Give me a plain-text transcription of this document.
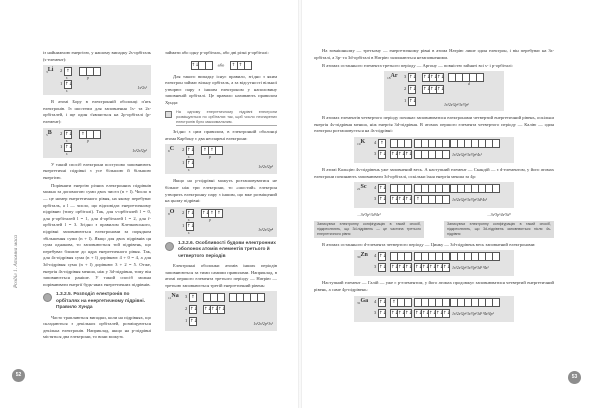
Розділ 1. Атомна маса
52

із найнижчою енергією, у нашому випадку 2s-орбіталь (s-елемент):

$_3$Li 2 ↑
s	p
1 ↑↓
s
1s²2s¹

В атомі Бору в електронній оболонці п'ять електронів. Із шостеми для заповнення 1s- та 2s-орбіталей, і ще один з'являється на 2p-орбіталі (p-елемент):

$_5$B 2 ↑↓ ↑
s	p
1 ↑↓
s
1s²2s²2p¹

У такий спосіб електрони поступово заповнюють енергетичні підрівні з усе більшою й більшою енергією.

Порівняти енергію різних електронних підрівнів можна за допомогою суми двох чисел (n + l). Число n — це номер енергетичного рівня, на якому перебуває орбіталь, а l — число, що відповідає енергетичному підрівню (типу орбіталі). Так, для s-орбіталей l = 0, для p-орбіталей l = 1, для d-орбіталей l = 2, для f-орбіталей l = 3. Згідно з правилом Клечковського, підрівні заповнюються електронами за порядком збільшення суми (n + l). Якщо для двох підрівнів ця сума однакова, то заповнюється той підрівень, що перебуває ближче до ядра енергетичного рівня. Так, для 4s-підрівня сума (n + l) дорівнює 4 + 0 = 4, а для 3d-підрівня сума (n + l) дорівнює 3 + 2 = 5. Отже, енергія 4s-підрівня менша, ніж у 3d-підрівня, тому він заповнюється раніше. У такий спосіб можна порівнювати енергії будь-яких енергетичних підрівнів.

1.3.2.5. Розподіл електронів по орбіталях на енергетичному підрівні. Правило Хунда

Часто трапляються випадки, коли на підрівнях, що складаються з декількох орбіталей, розміщуються декілька електронів. Наприклад, якщо на p-підрівні містяться два електрони, то вони можуть

займати або одну p-орбіталь, або дві різні p-орбіталі:

↑↓	або ↑ ↑

Для такого випадку існує правило, згідно з яким електрон займає вільну орбіталь, а за відсутності вільної утворює пару з іншим електроном у наполовину заповненій орбіталі. Це правило називають правилом Хунда:

На одному енергетичному підрівні електрони розміщуються по орбіталях так, щоб число неспарених електронів було максимальним.

Згідно з цим правилом, в електронній оболонці атома Карбону є два неспарені електрони:

$_6$C 2 ↑↓ ↑ ↑
s	p
1 ↑↓
s
1s²2s²2p²

Якщо на p-підрівні можуть розташовуватися не більше ніж три електрони, то «шостий» електрон утворить електронну пару з іншим, що вже розміщений на цьому підрівні:

$_8$O 2 ↑↓ ↑↓ ↑ ↑
s	p
1 ↑↓
s
1s²2s²2p⁴
1.3.2.6. Особливості будови електронних оболонок атомів елементів третього й четвертого періодів

Електронні оболонки атомів інших періодів заповнюються за тими самими правилами. Наприклад, в атомі першого елемента третього періоду — Натрію — третьою заповнюється третій енергетичний рівень:

$_{11}$Na 3 ↑
2 ↑↓ ↑↓ ↑↓ ↑↓
1 ↑↓	1s²2s²2p⁶3s¹
53

На зовнішньому — третьому — енергетичному рівні в атома Натрію лише один електрон, і він перебуває на 3s-орбіталі, а 3p- та 3d-орбіталі в Натрію залишаються незаповненими.

В атомах останнього елемента третього періоду — Аргону — повністю зайняті всі s- і p-орбіталі:

$_{18}$Ar 3 ↑↓ ↑↓ ↑↓ ↑↓
d
2 ↑↓ ↑↓ ↑↓ ↑↓
1 ↑↓
1s²2s²2p⁶3s²3p⁶

В атомах елементів четвертого періоду починає заповнюватися електронами четвертий енергетичний рівень, оскільки енергія 4s-підрівня менша, ніж енергія 3d-підрівня. В атомах першого елемента четвертого періоду — Калію — один електрон розташовується на 4s-підрівні:

$_{19}$K 4 ↑
3 ↑↓ ↑↓ ↑↓ ↑↓	1s²2s²2p⁶3s²3p⁶4s¹

В атомі Кальцію 4s-підрівень уже заповнений весь. А наступний елемент — Скандій — є d-елементом, у його атомах електрони починають заповнювати 3d-орбіталі, оскільки їхня енергія менша за 4p:

$_{21}$Sc 4 ↑↓
3 ↑↓ ↑↓ ↑↓ ↑↓ ↑	1s²2s²2p⁶3s²3p⁶3d¹4s²
...3s²3p⁶3d¹4s²
Записуючи електронну конфігурацію в такий спосіб, підкреслюють, що 3d-підрівень — це частина третього енергетичного рівня
...3s²3p⁶4s²3d¹
Записуючи електронну конфігурацію в такий спосіб, підкреслюють, що 3d-підрівень заповнюється після 4s-підрівня

В атомах останнього d-елемента четвертого періоду — Цинку — 3d-підрівень весь заповнений електронами:

$_{30}$Zn 4 ↑↓
3 ↑↓ ↑↓ ↑↓ ↑↓ ↑↓ ↑↓ ↑↓ ↑↓ ↑↓ 1s²2s²2p⁶3s²3p⁶3d¹⁰4s²

Наступний елемент — Галій — уже є p-елементом, у його атомах продовжує заповнюватися четвертий енергетичний рівень, а саме 4p-підрівень:

$_{31}$Ga 4 ↑↓ ↑
3 ↑↓ ↑↓ ↑↓ ↑↓ ↑↓ ↑↓ ↑↓ ↑↓ ↑↓ 1s²2s²2p⁶3s²3p⁶3d¹⁰4s²4p¹
